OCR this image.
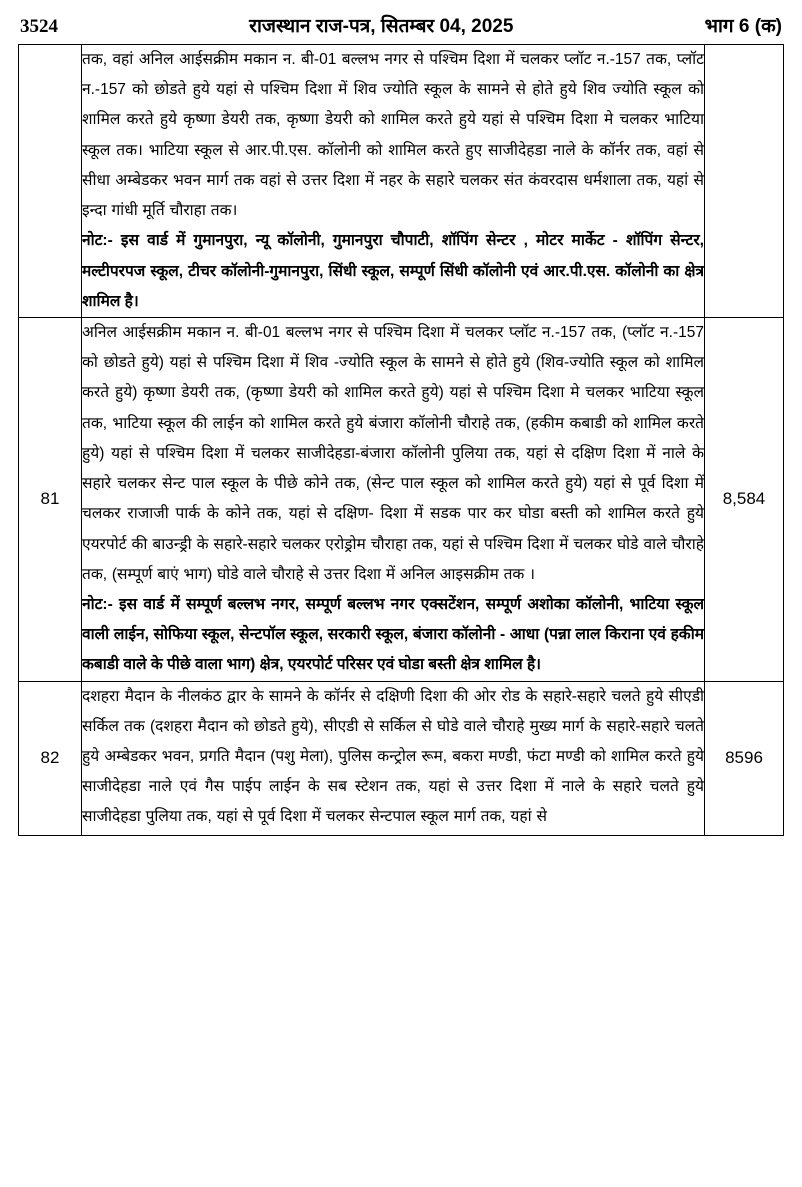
3524	राजस्थान राज-पत्र, सितम्बर 04, 2025	भाग 6 (क)

	तक, वहां अनिल आईसक्रीम मकान न. बी-01 बल्लभ नगर से पश्चिम दिशा में चलकर प्लॉट न.-157 तक, प्लॉट न.-157 को छोडते हुये यहां से पश्चिम दिशा में शिव ज्योति स्कूल के सामने से होते हुये शिव ज्योति स्कूल को शामिल करते हुये कृष्णा डेयरी तक, कृष्णा डेयरी को शामिल करते हुये यहां से पश्चिम दिशा मे चलकर भाटिया स्कूल तक। भाटिया स्कूल से आर.पी.एस. कॉलोनी को शामिल करते हुए साजीदेहडा नाले के कॉर्नर तक, वहां से सीधा अम्बेडकर भवन मार्ग तक वहां से उत्तर दिशा में नहर के सहारे चलकर संत कंवरदास धर्मशाला तक, यहां से इन्दा गांधी मूर्ति चौराहा तक।

नोट:- इस वार्ड में गुमानपुरा, न्यू कॉलोनी, गुमानपुरा चौपाटी, शॉपिंग सेन्टर , मोटर मार्केट - शॉपिंग सेन्टर, मल्टीपरपज स्कूल, टीचर कॉलोनी-गुमानपुरा, सिंधी स्कूल, सम्पूर्ण सिंधी कॉलोनी एवं आर.पी.एस. कॉलोनी का क्षेत्र शामिल है।	

81	अनिल आईसक्रीम मकान न. बी-01 बल्लभ नगर से पश्चिम दिशा में चलकर प्लॉट न.-157 तक, (प्लॉट न.-157 को छोडते हुये) यहां से पश्चिम दिशा में शिव -ज्योति स्कूल के सामने से होते हुये (शिव-ज्योति स्कूल को शामिल करते हुये) कृष्णा डेयरी तक, (कृष्णा डेयरी को शामिल करते हुये) यहां से पश्चिम दिशा मे चलकर भाटिया स्कूल तक, भाटिया स्कूल की लाईन को शामिल करते हुये बंजारा कॉलोनी चौराहे तक, (हकीम कबाडी को शामिल करते हुये) यहां से पश्चिम दिशा में चलकर साजीदेहडा-बंजारा कॉलोनी पुलिया तक, यहां से दक्षिण दिशा में नाले के सहारे चलकर सेन्ट पाल स्कूल के पीछे कोने तक, (सेन्ट पाल स्कूल को शामिल करते हुये) यहां से पूर्व दिशा में चलकर राजाजी पार्क के कोने तक, यहां से दक्षिण- दिशा में सडक पार कर घोडा बस्ती को शामिल करते हुये एयरपोर्ट की बाउन्ड्री के सहारे-सहारे चलकर एरोड्रोम चौराहा तक, यहां से पश्चिम दिशा में चलकर घोडे वाले चौराहे तक, (सम्पूर्ण बाएं भाग) घोडे वाले चौराहे से उत्तर दिशा में अनिल आइसक्रीम तक ।

नोट:- इस वार्ड में सम्पूर्ण बल्लभ नगर, सम्पूर्ण बल्लभ नगर एक्सटेंशन, सम्पूर्ण अशोका कॉलोनी, भाटिया स्कूल वाली लाईन, सोफिया स्कूल, सेन्टपॉल स्कूल, सरकारी स्कूल, बंजारा कॉलोनी - आधा (पन्ना लाल किराना एवं हकीम कबाडी वाले के पीछे वाला भाग) क्षेत्र, एयरपोर्ट परिसर एवं घोडा बस्ती क्षेत्र शामिल है।	8,584
82	दशहरा मैदान के नीलकंठ द्वार के सामने के कॉर्नर से दक्षिणी दिशा की ओर रोड के सहारे-सहारे चलते हुये सीएडी सर्किल तक (दशहरा मैदान को छोडते हुये), सीएडी से सर्किल से घोडे वाले चौराहे मुख्य मार्ग के सहारे-सहारे चलते हुये अम्बेडकर भवन, प्रगति मैदान (पशु मेला), पुलिस कन्ट्रोल रूम, बकरा मण्डी, फंटा मण्डी को शामिल करते हुये साजीदेहडा नाले एवं गैस पाईप लाईन के सब स्टेशन तक, यहां से उत्तर दिशा में नाले के सहारे चलते हुये साजीदेहडा पुलिया तक, यहां से पूर्व दिशा में चलकर सेन्टपाल स्कूल मार्ग तक, यहां से	8596
